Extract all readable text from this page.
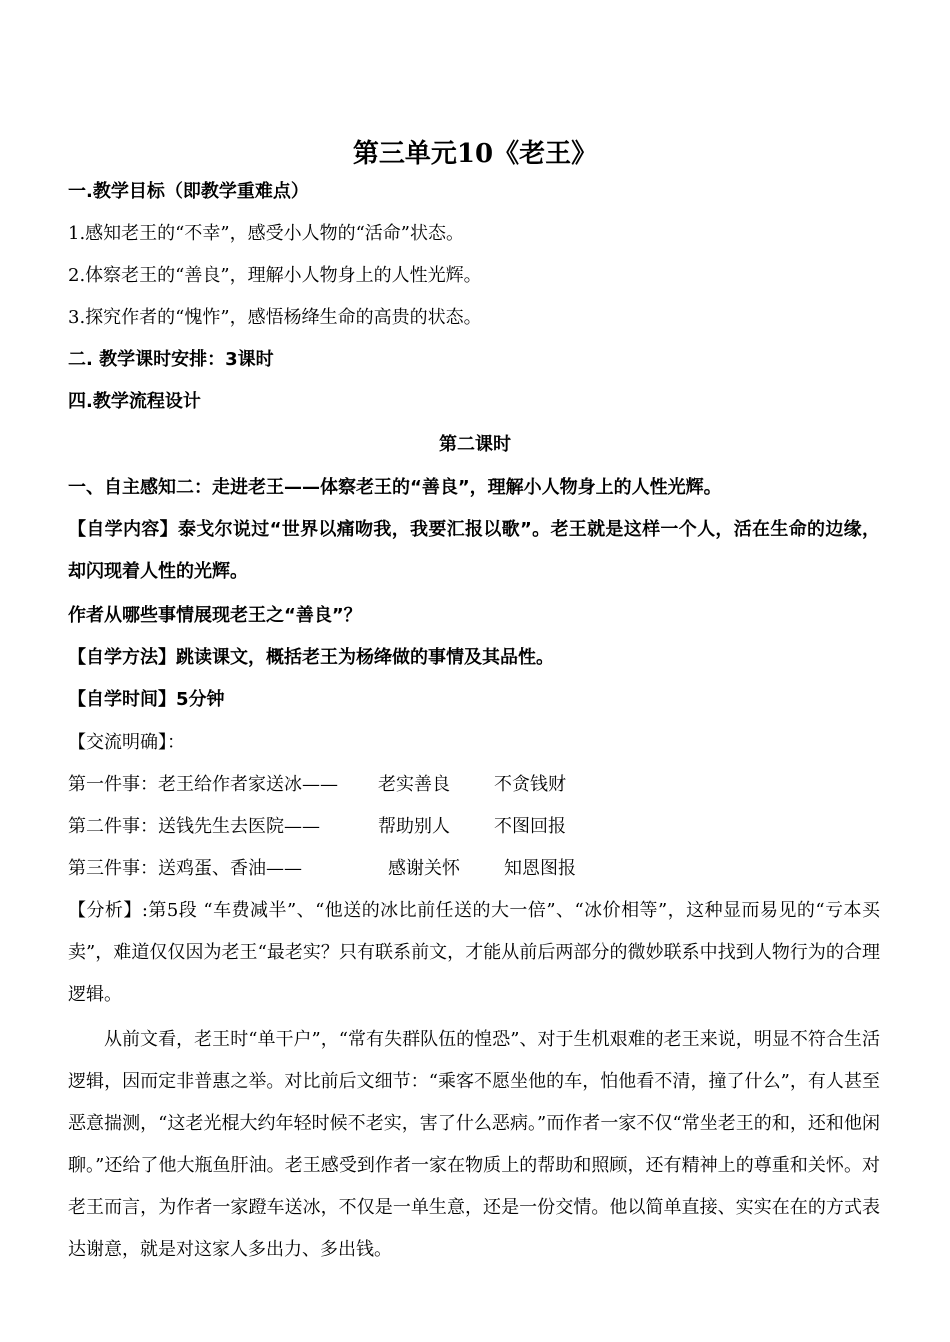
第三单元10《老王》
一.教学目标（即教学重难点）
1.感知老王的“不幸”，感受小人物的“活命”状态。
2.体察老王的“善良”，理解小人物身上的人性光辉。
3.探究作者的“愧怍”，感悟杨绛生命的高贵的状态。
二. 教学课时安排：3课时
四.教学流程设计
第二课时
一、自主感知二：走进老王——体察老王的“善良”，理解小人物身上的人性光辉。
【自学内容】泰戈尔说过“世界以痛吻我，我要汇报以歌”。老王就是这样一个人，活在生命的边缘，却闪现着人性的光辉。
作者从哪些事情展现老王之“善良”？
【自学方法】跳读课文，概括老王为杨绛做的事情及其品性。
【自学时间】5分钟
【交流明确】：
第一件事：老王给作者家送冰—— 老实善良 不贪钱财
第二件事：送钱先生去医院——	帮助别人 不图回报
第三件事：送鸡蛋、香油——	感谢关怀 知恩图报
【分析】:第5段 “车费减半”、“他送的冰比前任送的大一倍”、“冰价相等”，这种显而易见的“亏本买卖”，难道仅仅因为老王“最老实？只有联系前文，才能从前后两部分的微妙联系中找到人物行为的合理逻辑。
从前文看，老王时“单干户”，“常有失群队伍的惶恐”、对于生机艰难的老王来说，明显不符合生活逻辑，因而定非普惠之举。对比前后文细节：“乘客不愿坐他的车，怕他看不清，撞了什么”，有人甚至恶意揣测，“这老光棍大约年轻时候不老实，害了什么恶病。”而作者一家不仅“常坐老王的和，还和他闲聊。”还给了他大瓶鱼肝油。老王感受到作者一家在物质上的帮助和照顾，还有精神上的尊重和关怀。对老王而言，为作者一家蹬车送冰，不仅是一单生意，还是一份交情。他以简单直接、实实在在的方式表达谢意，就是对这家人多出力、多出钱。
